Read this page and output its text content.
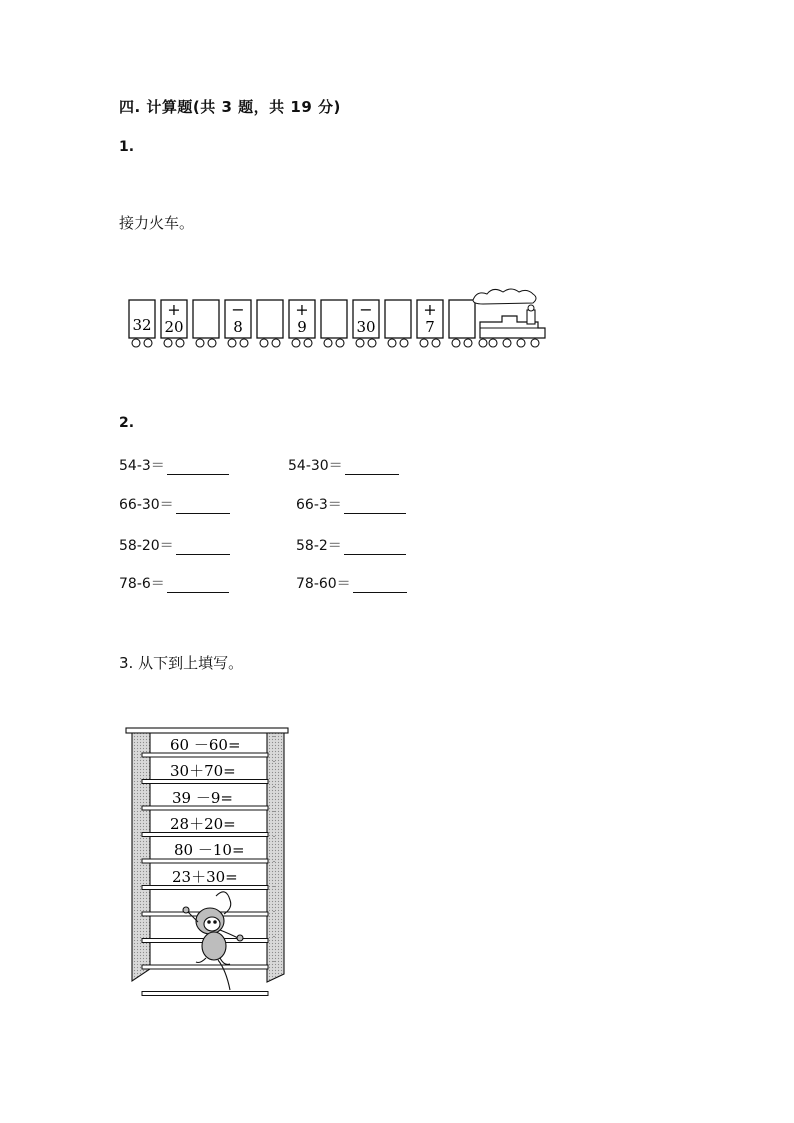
四. 计算题(共 3 题，共 19 分)
1.
接力火车。
32
+
20
−
8
+
9
−
30
+
7
2.
54-3＝	54-30＝
66-30＝	66-3＝
58-20＝	58-2＝
78-6＝	78-60＝
3. 从下到上填写。
60 －60=
30＋70=
39 －9=
28＋20=
80 －10=
23＋30=
